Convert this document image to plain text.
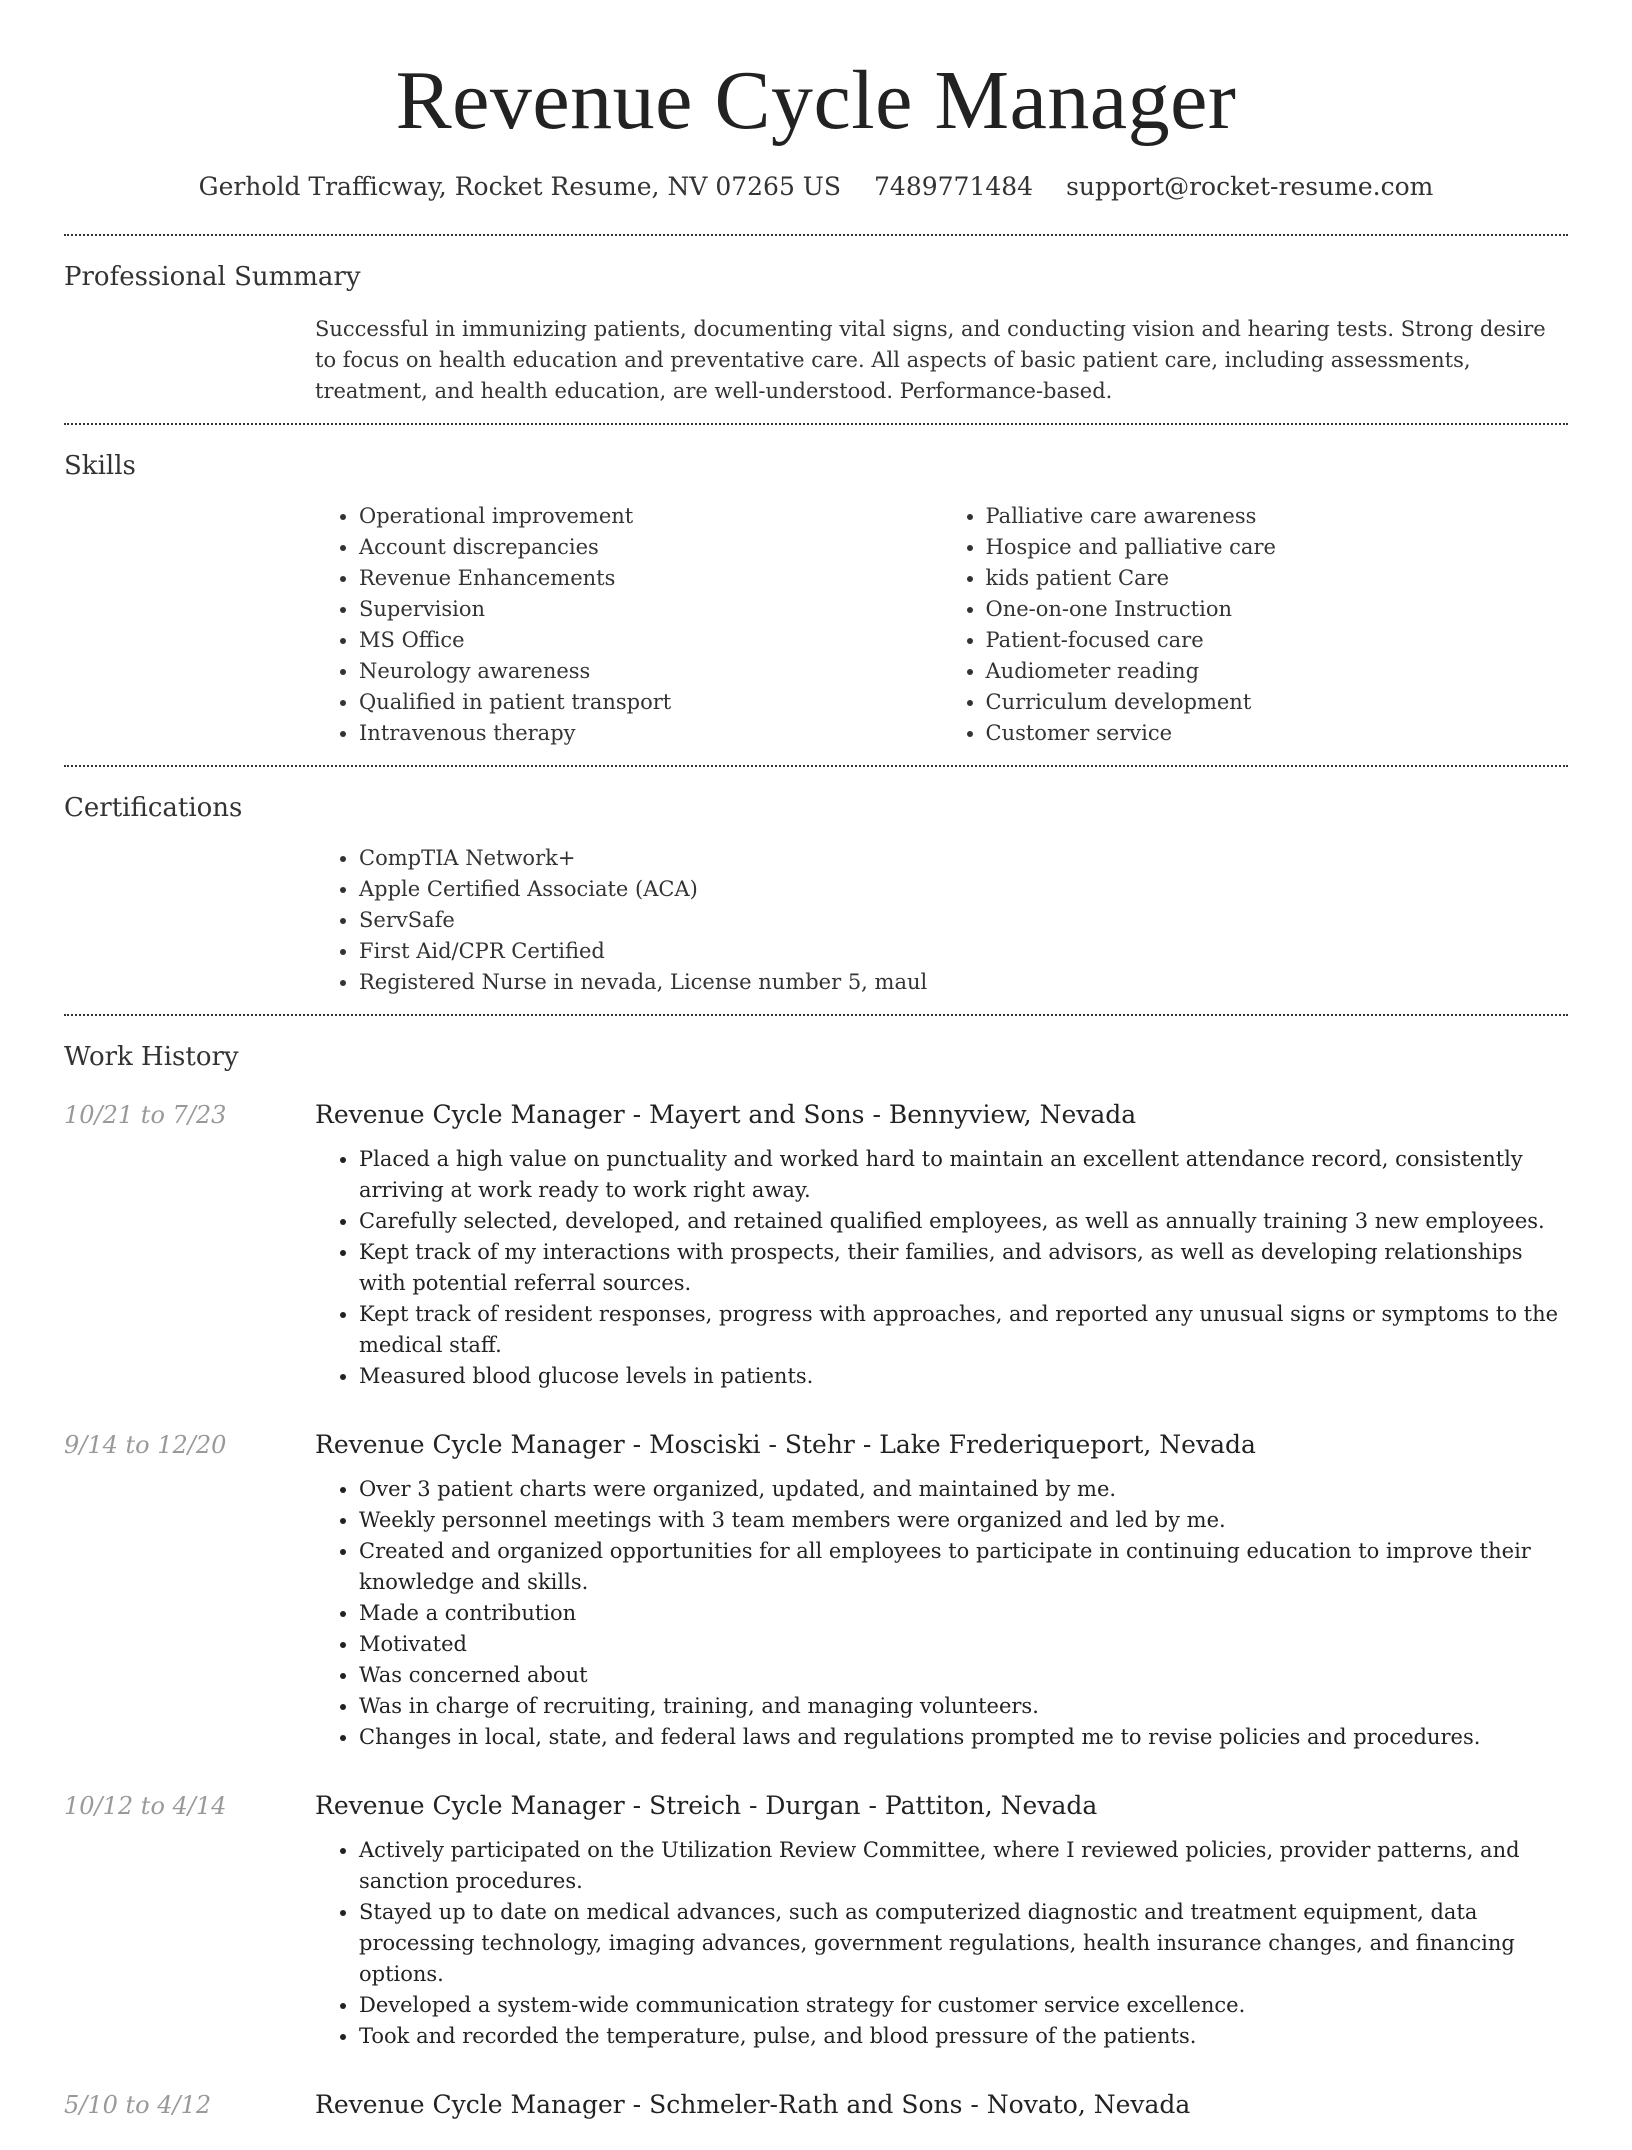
Revenue Cycle Manager
Gerhold Trafficway, Rocket Resume, NV 07265 US 7489771484 support@rocket-resume.com
Professional Summary

Successful in immunizing patients, documenting vital signs, and conducting vision and hearing tests. Strong desire to focus on health education and preventative care. All aspects of basic patient care, including assessments, treatment, and health education, are well-understood. Performance-based.

Skills
• Operational improvement
• Account discrepancies
• Revenue Enhancements
• Supervision
• MS Office
• Neurology awareness
• Qualified in patient transport
• Intravenous therapy
• Palliative care awareness
• Hospice and palliative care
• kids patient Care
• One-on-one Instruction
• Patient-focused care
• Audiometer reading
• Curriculum development
• Customer service
Certifications
• CompTIA Network+
• Apple Certified Associate (ACA)
• ServSafe
• First Aid/CPR Certified
• Registered Nurse in nevada, License number 5, maul
Work History
10/21 to 7/23	Revenue Cycle Manager - Mayert and Sons - Bennyview, Nevada
• Placed a high value on punctuality and worked hard to maintain an excellent attendance record, consistently arriving at work ready to work right away.
• Carefully selected, developed, and retained qualified employees, as well as annually training 3 new employees.
• Kept track of my interactions with prospects, their families, and advisors, as well as developing relationships with potential referral sources.
• Kept track of resident responses, progress with approaches, and reported any unusual signs or symptoms to the medical staff.
• Measured blood glucose levels in patients.
9/14 to 12/20	Revenue Cycle Manager - Mosciski - Stehr - Lake Frederiqueport, Nevada
• Over 3 patient charts were organized, updated, and maintained by me.
• Weekly personnel meetings with 3 team members were organized and led by me.
• Created and organized opportunities for all employees to participate in continuing education to improve their knowledge and skills.
• Made a contribution
• Motivated
• Was concerned about
• Was in charge of recruiting, training, and managing volunteers.
• Changes in local, state, and federal laws and regulations prompted me to revise policies and procedures.
10/12 to 4/14	Revenue Cycle Manager - Streich - Durgan - Pattiton, Nevada
• Actively participated on the Utilization Review Committee, where I reviewed policies, provider patterns, and sanction procedures.
• Stayed up to date on medical advances, such as computerized diagnostic and treatment equipment, data processing technology, imaging advances, government regulations, health insurance changes, and financing options.
• Developed a system-wide communication strategy for customer service excellence.
• Took and recorded the temperature, pulse, and blood pressure of the patients.
5/10 to 4/12	Revenue Cycle Manager - Schmeler-Rath and Sons - Novato, Nevada
